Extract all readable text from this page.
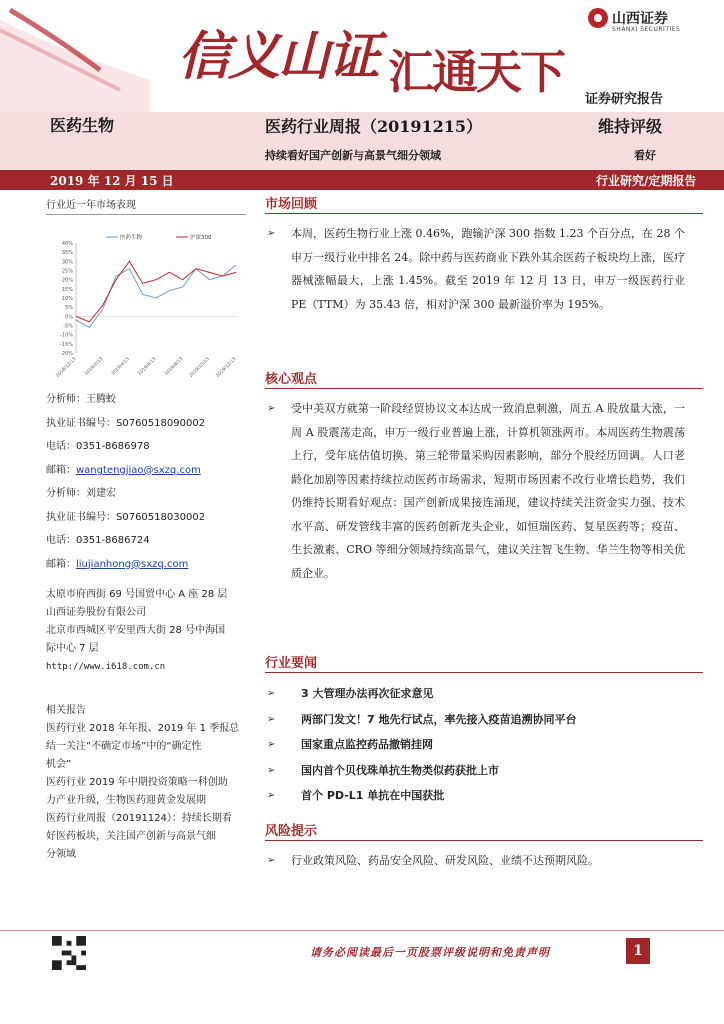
信义山证 汇通天下
山西证券
SHANXI SECURITIES
证券研究报告
医药生物	医药行业周报（20191215）	维持评级
持续看好国产创新与高景气细分领域	看好
2019 年 12 月 15 日	行业研究/定期报告
行业近一年市场表现
40%
35%
30%
25%
20%
15%
10%
5%
0%
-5%
-10%
-15%
-20%
2018/12/13 2019/2/13 2019/4/13 2019/6/13 2019/8/13 2019/10/13 2019/12/13
医药生物	沪深300
分析师：王腾蛟
执业证书编号：S0760518090002
电话：0351-8686978
邮箱：wangtengjiao@sxzq.com
分析师：刘建宏
执业证书编号：S0760518030002
电话：0351-8686724
邮箱：liujianhong@sxzq.com
太原市府西街 69 号国贸中心 A 座 28 层
山西证券股份有限公司
北京市西城区平安里西大街 28 号中海国
际中心 7 层
http://www.i618.com.cn
相关报告
医药行业 2018 年年报、2019 年 1 季报总
结一关注“不确定市场”中的“确定性
机会”
医药行业 2019 年中期投资策略一科创助
力产业升级，生物医药迎黄金发展期
医药行业周报（20191124）：持续长期看
好医药板块，关注国产创新与高景气细
分领域
市场回顾
➢ 本周，医药生物行业上涨 0.46%，跑输沪深 300 指数 1.23 个百分点，在 28 个申万一级行业中排名 24。除中药与医药商业下跌外其余医药子板块均上涨，医疗器械涨幅最大，上涨 1.45%。截至 2019 年 12 月 13 日，申万一级医药行业 PE（TTM）为 35.43 倍，相对沪深 300 最新溢价率为 195%。
核心观点
➢ 受中美双方就第一阶段经贸协议文本达成一致消息刺激，周五 A 股放量大涨，一周 A 股震荡走高，申万一级行业普遍上涨，计算机领涨两市。本周医药生物震荡上行，受年底估值切换、第三轮带量采购因素影响，部分个股经历回调。人口老龄化加剧等因素持续拉动医药市场需求，短期市场因素不改行业增长趋势，我们仍维持长期看好观点：国产创新成果接连涌现，建议持续关注资金实力强、技术水平高、研发管线丰富的医药创新龙头企业，如恒瑞医药、复星医药等；疫苗、生长激素、CRO 等细分领域持续高景气，建议关注智飞生物、华兰生物等相关优质企业。
行业要闻
➢ 3 大管理办法再次征求意见
➢ 两部门发文！7 地先行试点，率先接入疫苗追溯协同平台
➢ 国家重点监控药品撤销挂网
➢ 国内首个贝伐珠单抗生物类似药获批上市
➢ 首个 PD-L1 单抗在中国获批
风险提示
➢ 行业政策风险、药品安全风险、研发风险、业绩不达预期风险。
请务必阅读最后一页股票评级说明和免责声明	1
